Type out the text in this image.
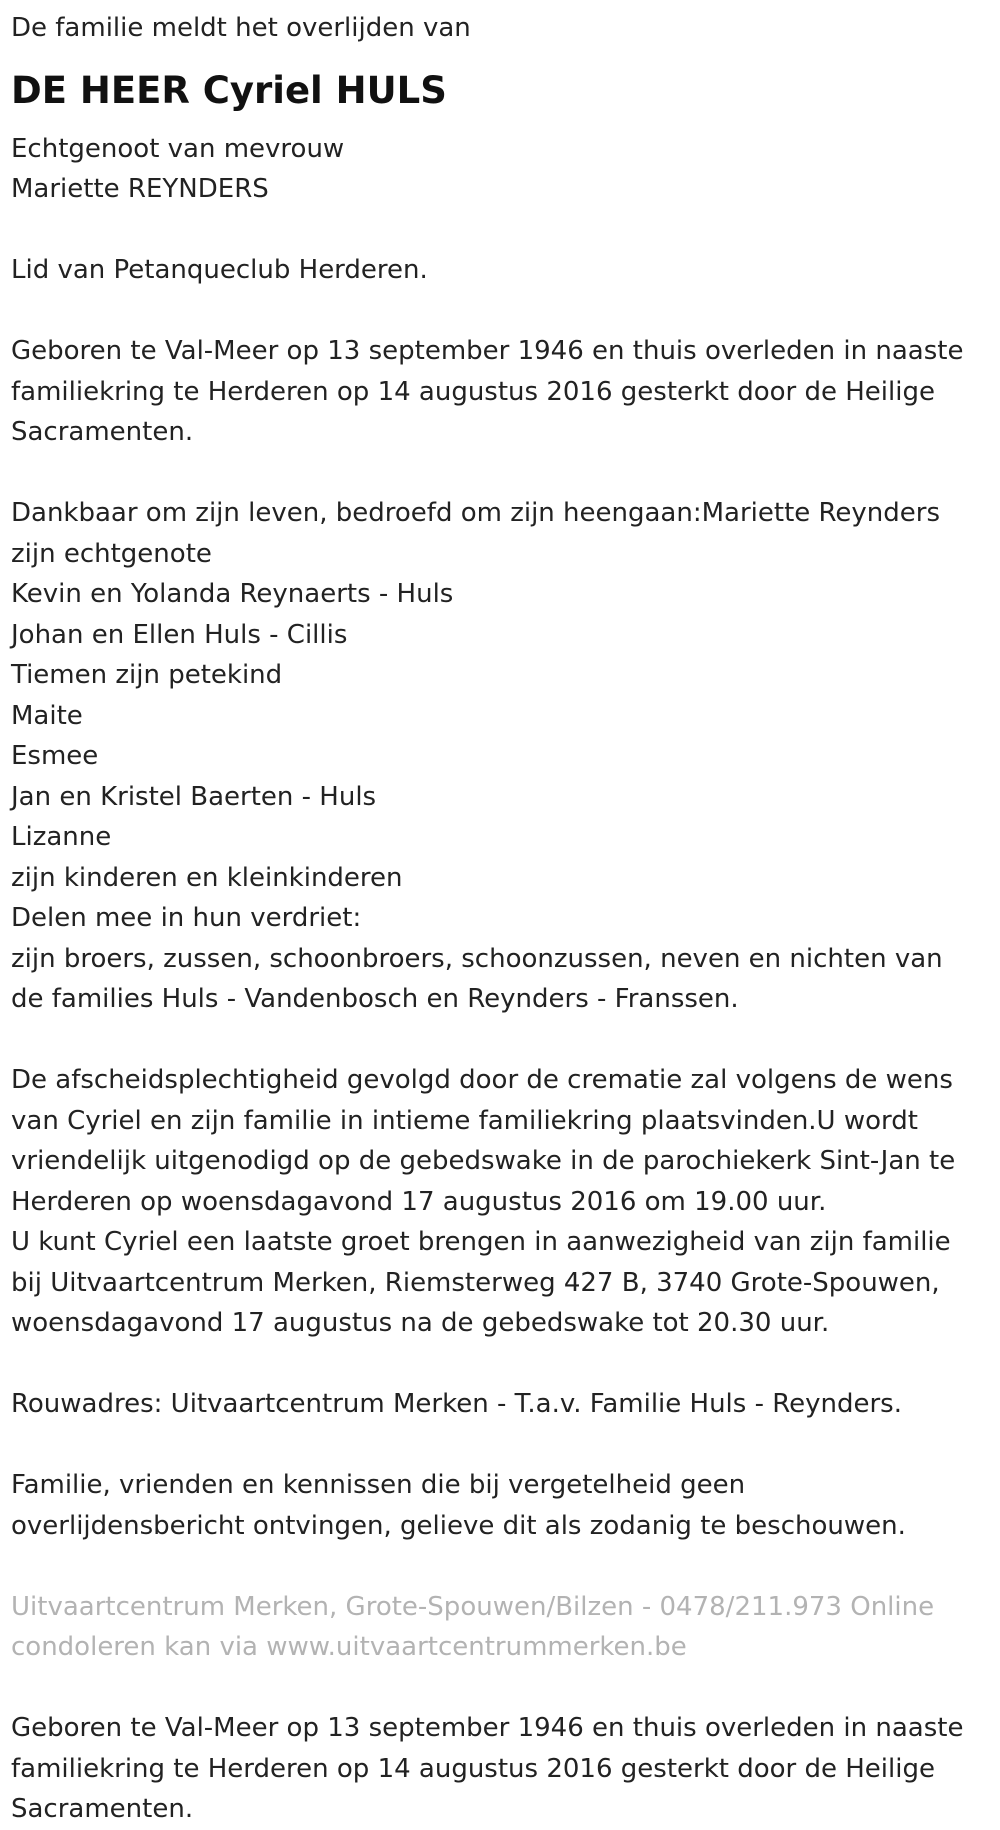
De familie meldt het overlijden van

DE HEER Cyriel HULS

Echtgenoot van mevrouw

Mariette REYNDERS

Lid van Petanqueclub Herderen.

Geboren te Val-Meer op 13 september 1946 en thuis overleden in naaste

familiekring te Herderen op 14 augustus 2016 gesterkt door de Heilige

Sacramenten.

Dankbaar om zijn leven, bedroefd om zijn heengaan:Mariette Reynders

zijn echtgenote

Kevin en Yolanda Reynaerts - Huls

Johan en Ellen Huls - Cillis

Tiemen zijn petekind

Maite

Esmee

Jan en Kristel Baerten - Huls

Lizanne

zijn kinderen en kleinkinderen

Delen mee in hun verdriet:

zijn broers, zussen, schoonbroers, schoonzussen, neven en nichten van

de families Huls - Vandenbosch en Reynders - Franssen.

De afscheidsplechtigheid gevolgd door de crematie zal volgens de wens

van Cyriel en zijn familie in intieme familiekring plaatsvinden.U wordt

vriendelijk uitgenodigd op de gebedswake in de parochiekerk Sint-Jan te

Herderen op woensdagavond 17 augustus 2016 om 19.00 uur.

U kunt Cyriel een laatste groet brengen in aanwezigheid van zijn familie

bij Uitvaartcentrum Merken, Riemsterweg 427 B, 3740 Grote-Spouwen,

woensdagavond 17 augustus na de gebedswake tot 20.30 uur.

Rouwadres: Uitvaartcentrum Merken - T.a.v. Familie Huls - Reynders.

Familie, vrienden en kennissen die bij vergetelheid geen

overlijdensbericht ontvingen, gelieve dit als zodanig te beschouwen.

Uitvaartcentrum Merken, Grote-Spouwen/Bilzen - 0478/211.973 Online

condoleren kan via www.uitvaartcentrummerken.be

Geboren te Val-Meer op 13 september 1946 en thuis overleden in naaste

familiekring te Herderen op 14 augustus 2016 gesterkt door de Heilige

Sacramenten.
